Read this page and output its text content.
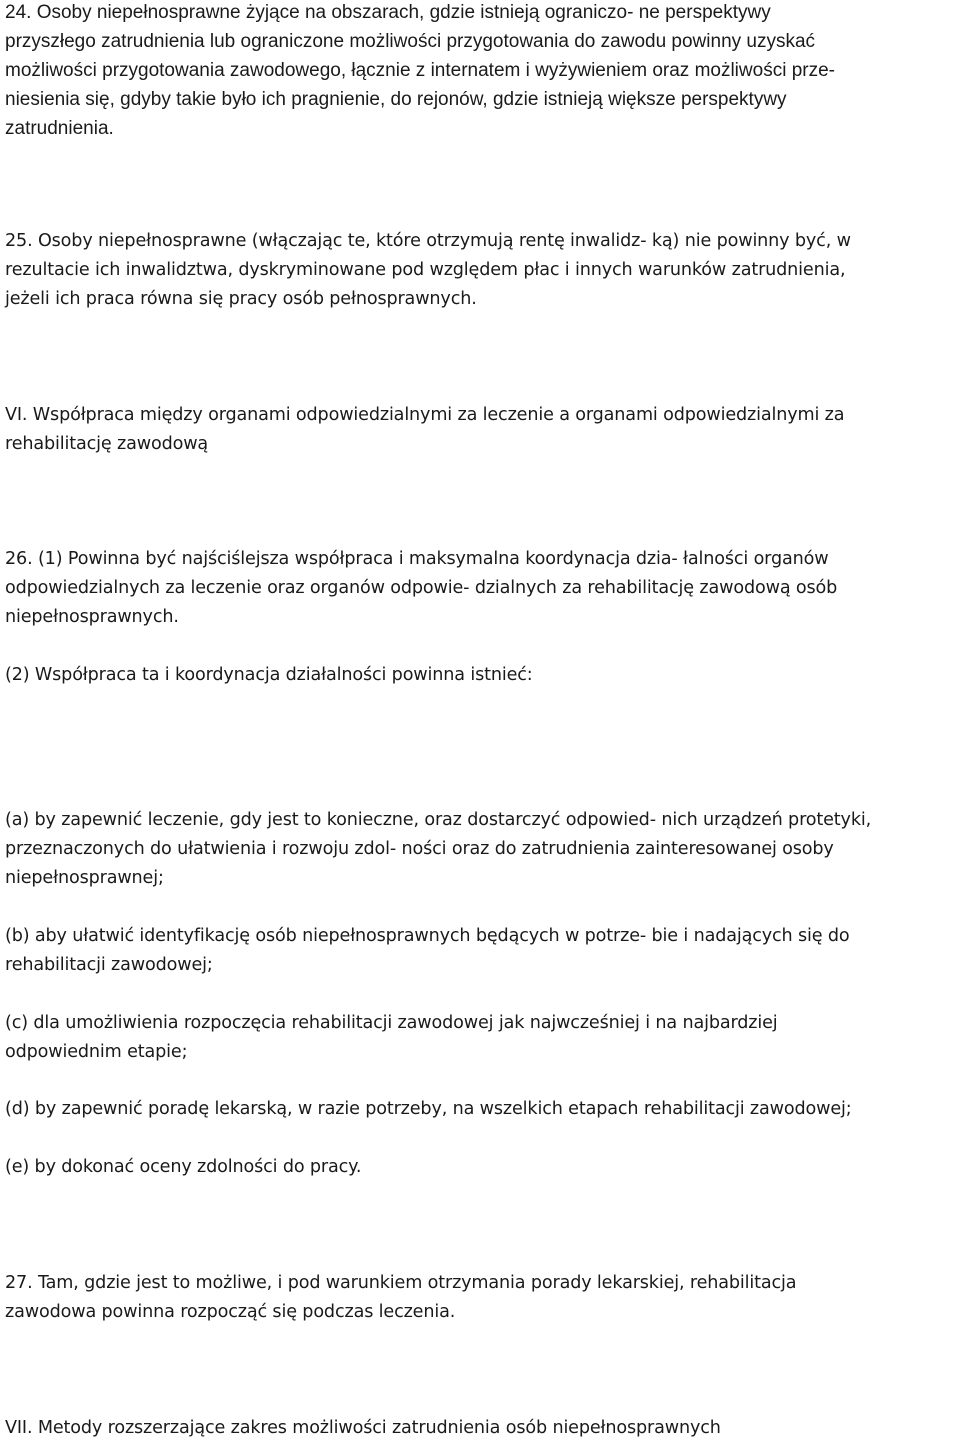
24. Osoby niepełnosprawne żyjące na obszarach, gdzie istnieją ograniczo- ne perspektywy
przyszłego zatrudnienia lub ograniczone możliwości przygotowania do zawodu powinny uzyskać
możliwości przygotowania zawodowego, łącznie z internatem i wyżywieniem oraz możliwości prze-
niesienia się, gdyby takie było ich pragnienie, do rejonów, gdzie istnieją większe perspektywy
zatrudnienia.

25. Osoby niepełnosprawne (włączając te, które otrzymują rentę inwalidz- ką) nie powinny być, w
rezultacie ich inwalidztwa, dyskryminowane pod względem płac i innych warunków zatrudnienia,
jeżeli ich praca równa się pracy osób pełnosprawnych.

VI. Współpraca między organami odpowiedzialnymi za leczenie a organami odpowiedzialnymi za
rehabilitację zawodową

26. (1) Powinna być najściślejsza współpraca i maksymalna koordynacja dzia- łalności organów
odpowiedzialnych za leczenie oraz organów odpowie- dzialnych za rehabilitację zawodową osób
niepełnosprawnych.

(2) Współpraca ta i koordynacja działalności powinna istnieć:

(a) by zapewnić leczenie, gdy jest to konieczne, oraz dostarczyć odpowied- nich urządzeń protetyki,
przeznaczonych do ułatwienia i rozwoju zdol- ności oraz do zatrudnienia zainteresowanej osoby
niepełnosprawnej;

(b) aby ułatwić identyfikację osób niepełnosprawnych będących w potrze- bie i nadających się do
rehabilitacji zawodowej;

(c) dla umożliwienia rozpoczęcia rehabilitacji zawodowej jak najwcześniej i na najbardziej
odpowiednim etapie;

(d) by zapewnić poradę lekarską, w razie potrzeby, na wszelkich etapach rehabilitacji zawodowej;

(e) by dokonać oceny zdolności do pracy.

27. Tam, gdzie jest to możliwe, i pod warunkiem otrzymania porady lekarskiej, rehabilitacja
zawodowa powinna rozpocząć się podczas leczenia.

VII. Metody rozszerzające zakres możliwości zatrudnienia osób niepełnosprawnych
